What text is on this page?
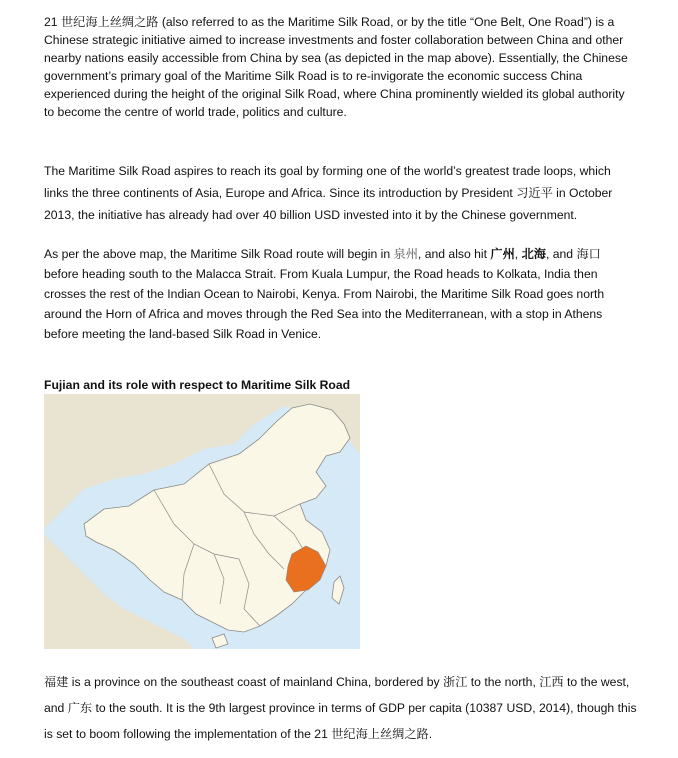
21 世纪海上丝绸之路 (also referred to as the Maritime Silk Road, or by the title “One Belt, One Road”) is a Chinese strategic initiative aimed to increase investments and foster collaboration between China and other nearby nations easily accessible from China by sea (as depicted in the map above). Essentially, the Chinese government’s primary goal of the Maritime Silk Road is to re-invigorate the economic success China experienced during the height of the original Silk Road, where China prominently wielded its global authority to become the centre of world trade, politics and culture.

The Maritime Silk Road aspires to reach its goal by forming one of the world’s greatest trade loops, which links the three continents of Asia, Europe and Africa. Since its introduction by President 习近平 in October 2013, the initiative has already had over 40 billion USD invested into it by the Chinese government.

As per the above map, the Maritime Silk Road route will begin in 泉州, and also hit 广州, 北海, and 海口 before heading south to the Malacca Strait. From Kuala Lumpur, the Road heads to Kolkata, India then crosses the rest of the Indian Ocean to Nairobi, Kenya. From Nairobi, the Maritime Silk Road goes north around the Horn of Africa and moves through the Red Sea into the Mediterranean, with a stop in Athens before meeting the land-based Silk Road in Venice.

Fujian and its role with respect to Maritime Silk Road

福建 is a province on the southeast coast of mainland China, bordered by 浙江 to the north, 江西 to the west, and 广东 to the south. It is the 9th largest province in terms of GDP per capita (10387 USD, 2014), though this is set to boom following the implementation of the 21 世纪海上丝绸之路.
